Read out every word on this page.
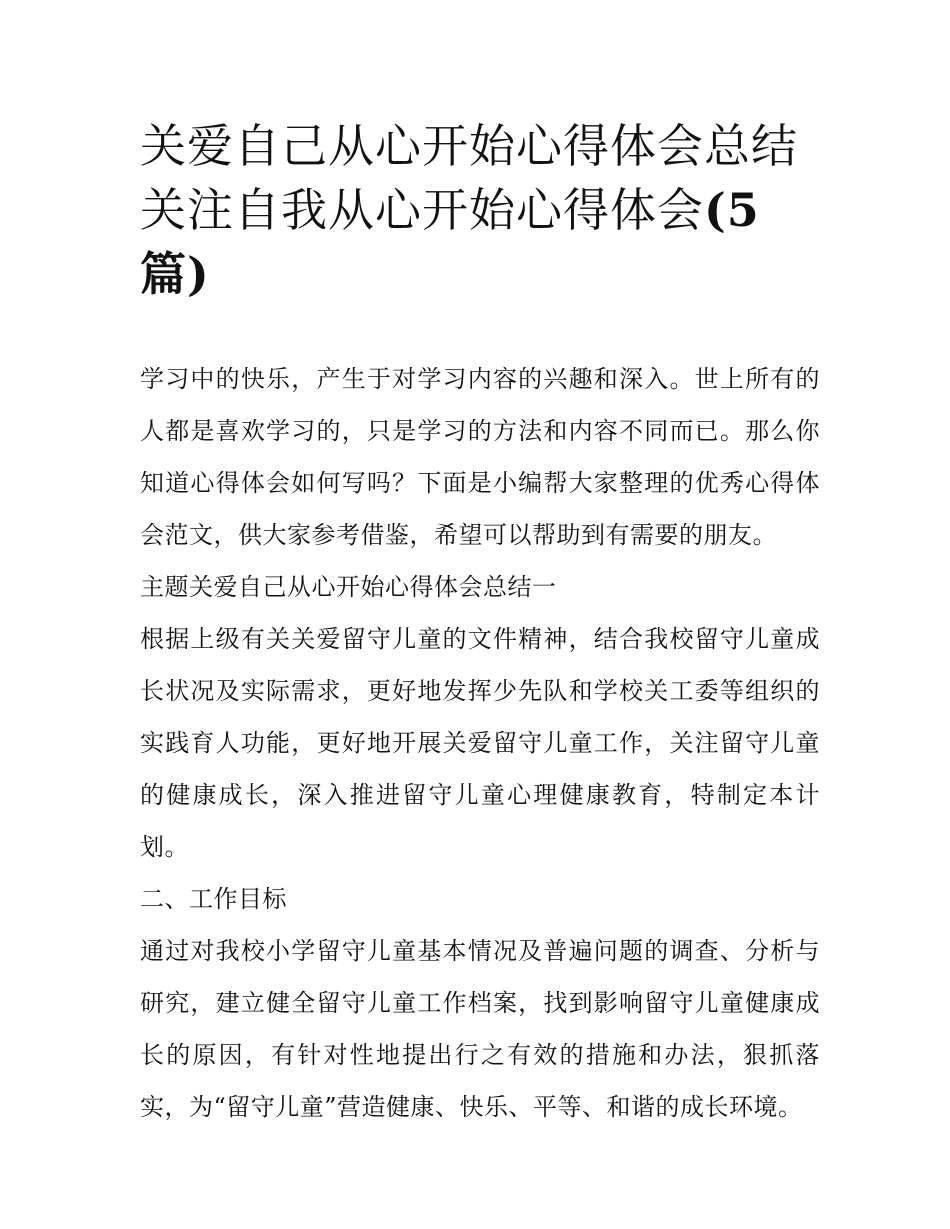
关爱自己从心开始心得体会总结 关注自我从心开始心得体会(5篇)

学习中的快乐，产生于对学习内容的兴趣和深入。世上所有的人都是喜欢学习的，只是学习的方法和内容不同而已。那么你知道心得体会如何写吗？下面是小编帮大家整理的优秀心得体会范文，供大家参考借鉴，希望可以帮助到有需要的朋友。

主题关爱自己从心开始心得体会总结一

根据上级有关关爱留守儿童的文件精神，结合我校留守儿童成长状况及实际需求，更好地发挥少先队和学校关工委等组织的实践育人功能，更好地开展关爱留守儿童工作，关注留守儿童的健康成长，深入推进留守儿童心理健康教育，特制定本计划。

二、工作目标

通过对我校小学留守儿童基本情况及普遍问题的调查、分析与研究，建立健全留守儿童工作档案，找到影响留守儿童健康成长的原因，有针对性地提出行之有效的措施和办法，狠抓落实，为“留守儿童”营造健康、快乐、平等、和谐的成长环境。
